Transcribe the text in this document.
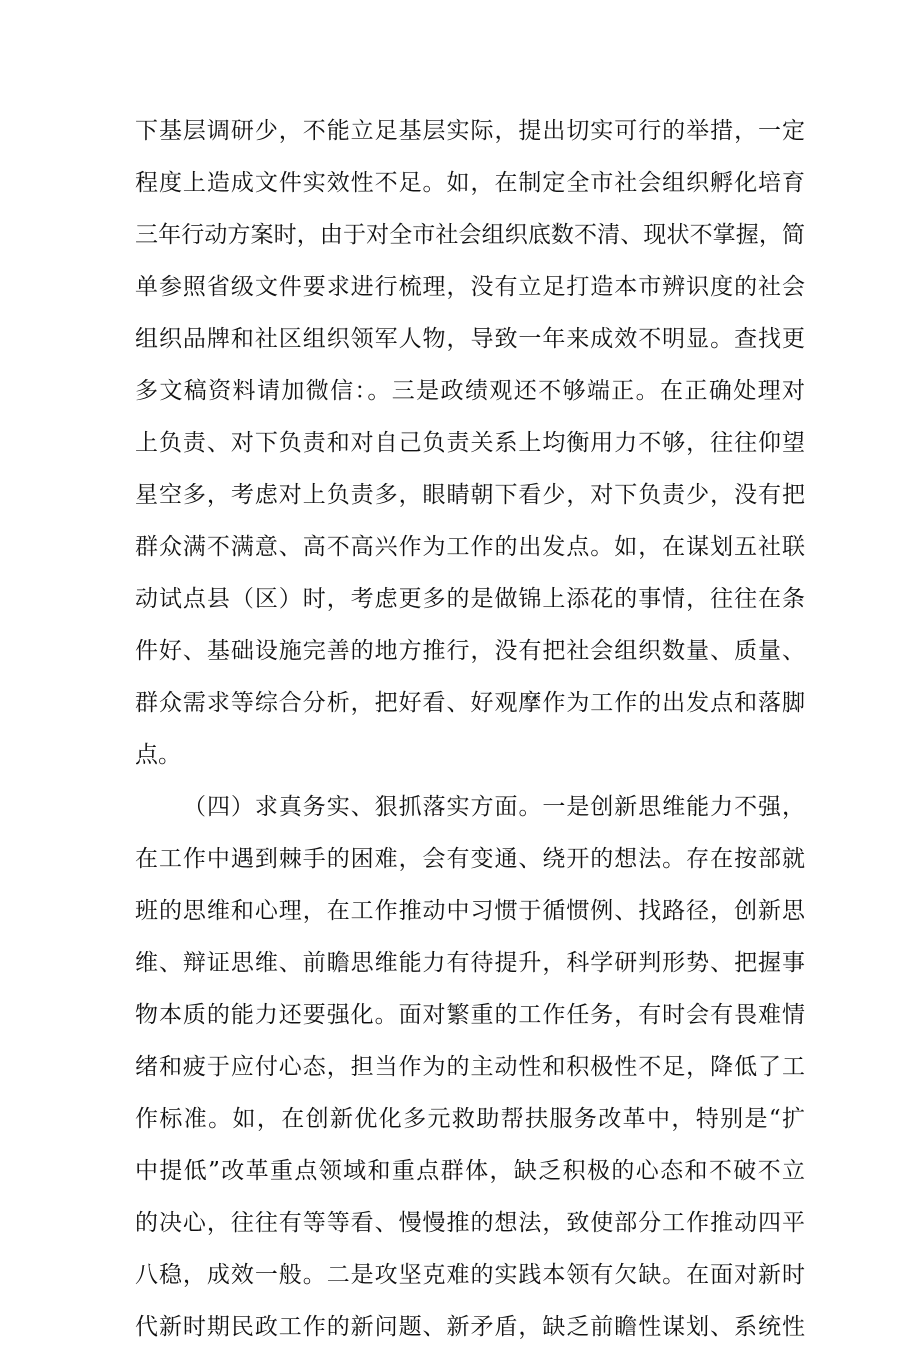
下基层调研少，不能立足基层实际，提出切实可行的举措，一定
程度上造成文件实效性不足。如，在制定全市社会组织孵化培育
三年行动方案时，由于对全市社会组织底数不清、现状不掌握，简
单参照省级文件要求进行梳理，没有立足打造本市辨识度的社会
组织品牌和社区组织领军人物，导致一年来成效不明显。查找更
多文稿资料请加微信：。三是政绩观还不够端正。在正确处理对
上负责、对下负责和对自己负责关系上均衡用力不够，往往仰望
星空多，考虑对上负责多，眼睛朝下看少，对下负责少，没有把
群众满不满意、高不高兴作为工作的出发点。如，在谋划五社联
动试点县（区）时，考虑更多的是做锦上添花的事情，往往在条
件好、基础设施完善的地方推行，没有把社会组织数量、质量、
群众需求等综合分析，把好看、好观摩作为工作的出发点和落脚
点。
（四）求真务实、狠抓落实方面。一是创新思维能力不强，
在工作中遇到棘手的困难，会有变通、绕开的想法。存在按部就
班的思维和心理，在工作推动中习惯于循惯例、找路径，创新思
维、辩证思维、前瞻思维能力有待提升，科学研判形势、把握事
物本质的能力还要强化。面对繁重的工作任务，有时会有畏难情
绪和疲于应付心态，担当作为的主动性和积极性不足，降低了工
作标准。如，在创新优化多元救助帮扶服务改革中，特别是“扩
中提低”改革重点领域和重点群体，缺乏积极的心态和不破不立
的决心，往往有等等看、慢慢推的想法，致使部分工作推动四平
八稳，成效一般。二是攻坚克难的实践本领有欠缺。在面对新时
代新时期民政工作的新问题、新矛盾，缺乏前瞻性谋划、系统性
